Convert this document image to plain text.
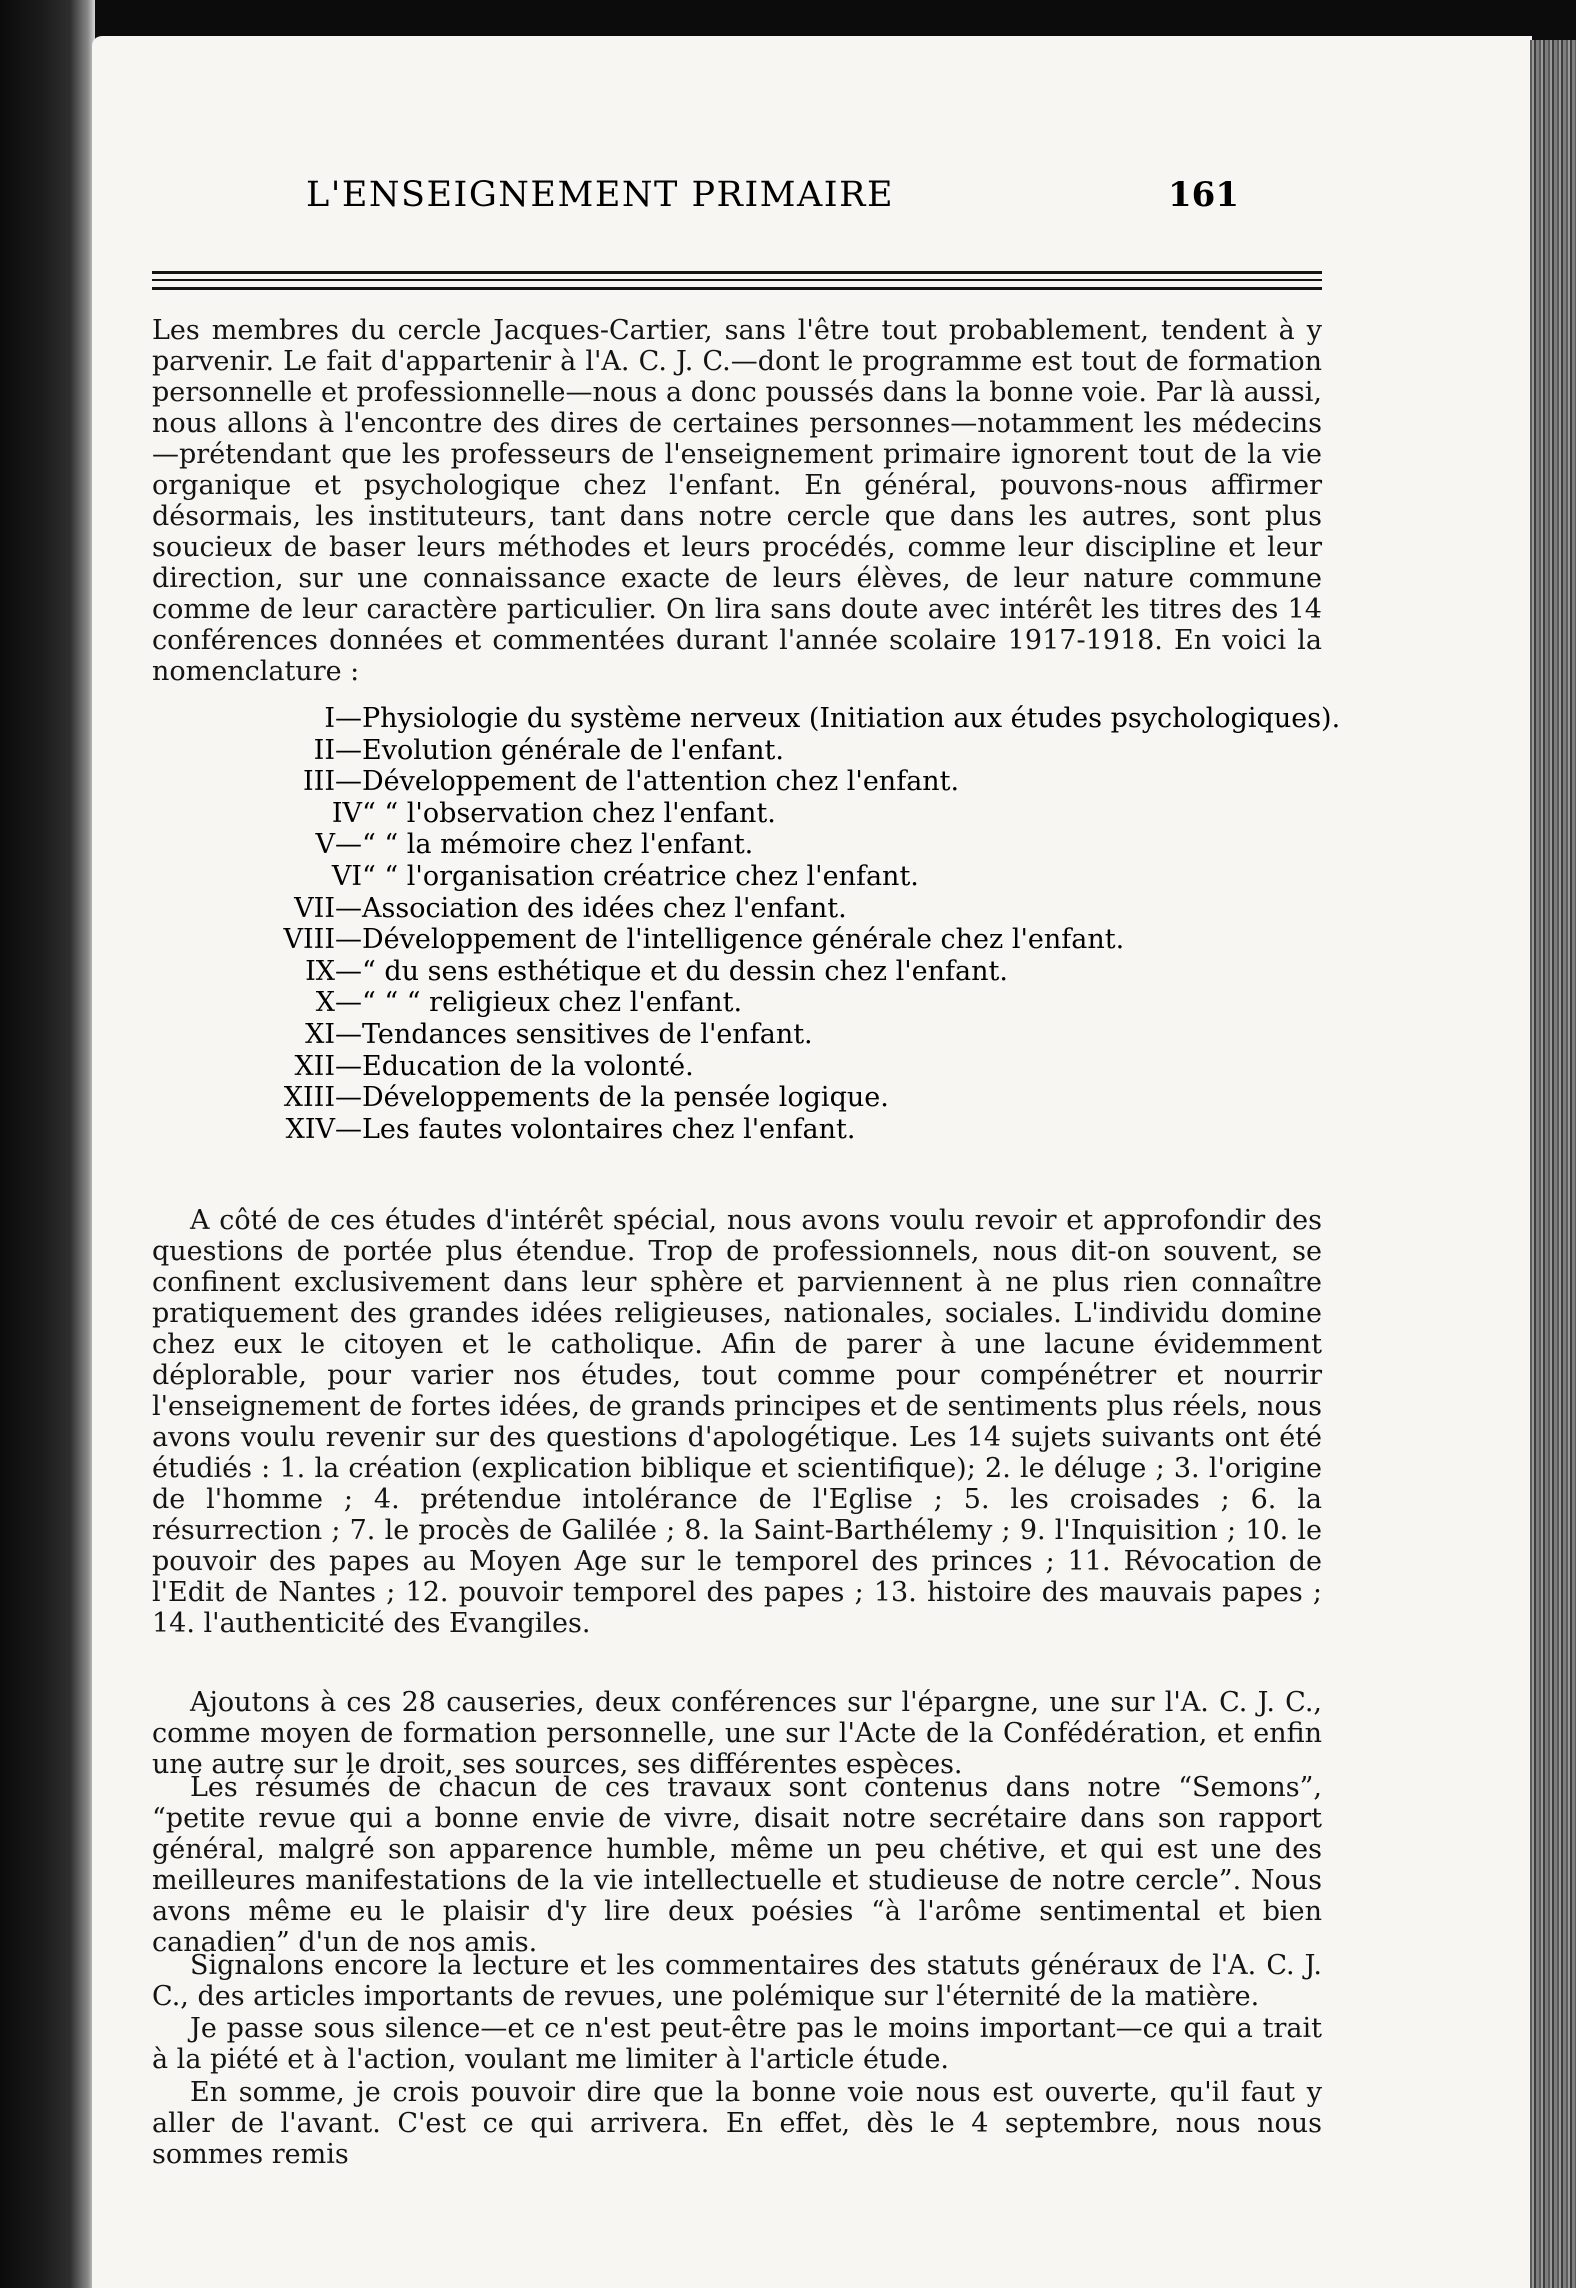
L'ENSEIGNEMENT PRIMAIRE	161
Les membres du cercle Jacques-Cartier, sans l'être tout probablement, tendent à y parvenir. Le fait d'appartenir à l'A. C. J. C.—dont le programme est tout de formation personnelle et professionnelle—nous a donc poussés dans la bonne voie. Par là aussi, nous allons à l'encontre des dires de certaines personnes—notamment les médecins—prétendant que les professeurs de l'enseignement primaire ignorent tout de la vie organique et psychologique chez l'enfant. En général, pouvons-nous affirmer désormais, les instituteurs, tant dans notre cercle que dans les autres, sont plus soucieux de baser leurs méthodes et leurs procédés, comme leur discipline et leur direction, sur une connaissance exacte de leurs élèves, de leur nature commune comme de leur caractère particulier. On lira sans doute avec intérêt les titres des 14 conférences données et commentées durant l'année scolaire 1917-1918. En voici la nomenclature :
I— Physiologie du système nerveux (Initiation aux études psychologiques).
II— Evolution générale de l'enfant.
III— Développement de l'attention chez l'enfant.
IV “ “ l'observation chez l'enfant.
V— “ “ la mémoire chez l'enfant.
VI “ “ l'organisation créatrice chez l'enfant.
VII— Association des idées chez l'enfant.
VIII— Développement de l'intelligence générale chez l'enfant.
IX— “ du sens esthétique et du dessin chez l'enfant.
X— “ “ “ religieux chez l'enfant.
XI— Tendances sensitives de l'enfant.
XII— Education de la volonté.
XIII— Développements de la pensée logique.
XIV— Les fautes volontaires chez l'enfant.
A côté de ces études d'intérêt spécial, nous avons voulu revoir et approfondir des questions de portée plus étendue. Trop de professionnels, nous dit-on souvent, se confinent exclusivement dans leur sphère et parviennent à ne plus rien connaître pratiquement des grandes idées religieuses, nationales, sociales. L'individu domine chez eux le citoyen et le catholique. Afin de parer à une lacune évidemment déplorable, pour varier nos études, tout comme pour compénétrer et nourrir l'enseignement de fortes idées, de grands principes et de sentiments plus réels, nous avons voulu revenir sur des questions d'apologétique. Les 14 sujets suivants ont été étudiés : 1. la création (explication biblique et scientifique); 2. le déluge ; 3. l'origine de l'homme ; 4. prétendue intolérance de l'Eglise ; 5. les croisades ; 6. la résurrection ; 7. le procès de Galilée ; 8. la Saint-Barthélemy ; 9. l'Inquisition ; 10. le pouvoir des papes au Moyen Age sur le temporel des princes ; 11. Révocation de l'Edit de Nantes ; 12. pouvoir temporel des papes ; 13. histoire des mauvais papes ; 14. l'authenticité des Evangiles.
Ajoutons à ces 28 causeries, deux conférences sur l'épargne, une sur l'A. C. J. C., comme moyen de formation personnelle, une sur l'Acte de la Confédération, et enfin une autre sur le droit, ses sources, ses différentes espèces.
Les résumés de chacun de ces travaux sont contenus dans notre “Semons”, “petite revue qui a bonne envie de vivre, disait notre secrétaire dans son rapport général, malgré son apparence humble, même un peu chétive, et qui est une des meilleures manifestations de la vie intellectuelle et studieuse de notre cercle”. Nous avons même eu le plaisir d'y lire deux poésies “à l'arôme sentimental et bien canadien” d'un de nos amis.
Signalons encore la lecture et les commentaires des statuts généraux de l'A. C. J. C., des articles importants de revues, une polémique sur l'éternité de la matière.
Je passe sous silence—et ce n'est peut-être pas le moins important—ce qui a trait à la piété et à l'action, voulant me limiter à l'article étude.
En somme, je crois pouvoir dire que la bonne voie nous est ouverte, qu'il faut y aller de l'avant. C'est ce qui arrivera. En effet, dès le 4 septembre, nous nous sommes remis
